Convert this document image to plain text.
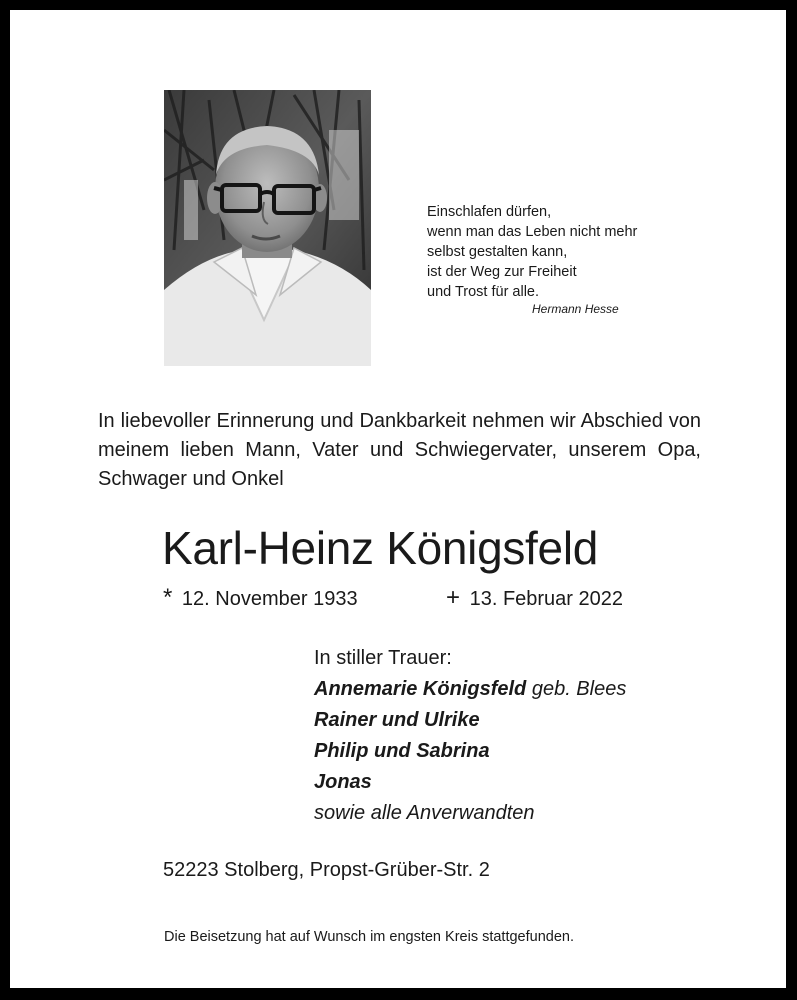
Einschlafen dürfen,
wenn man das Leben nicht mehr
selbst gestalten kann,
ist der Weg zur Freiheit
und Trost für alle.
Hermann Hesse
In liebevoller Erinnerung und Dankbarkeit nehmen wir Abschied von meinem lieben Mann, Vater und Schwiegervater, unserem Opa, Schwager und Onkel
Karl-Heinz Königsfeld
* 12. November 1933	+ 13. Februar 2022
In stiller Trauer:
Annemarie Königsfeld geb. Blees
Rainer und Ulrike
Philip und Sabrina
Jonas
sowie alle Anverwandten
52223 Stolberg, Propst-Grüber-Str. 2
Die Beisetzung hat auf Wunsch im engsten Kreis stattgefunden.
